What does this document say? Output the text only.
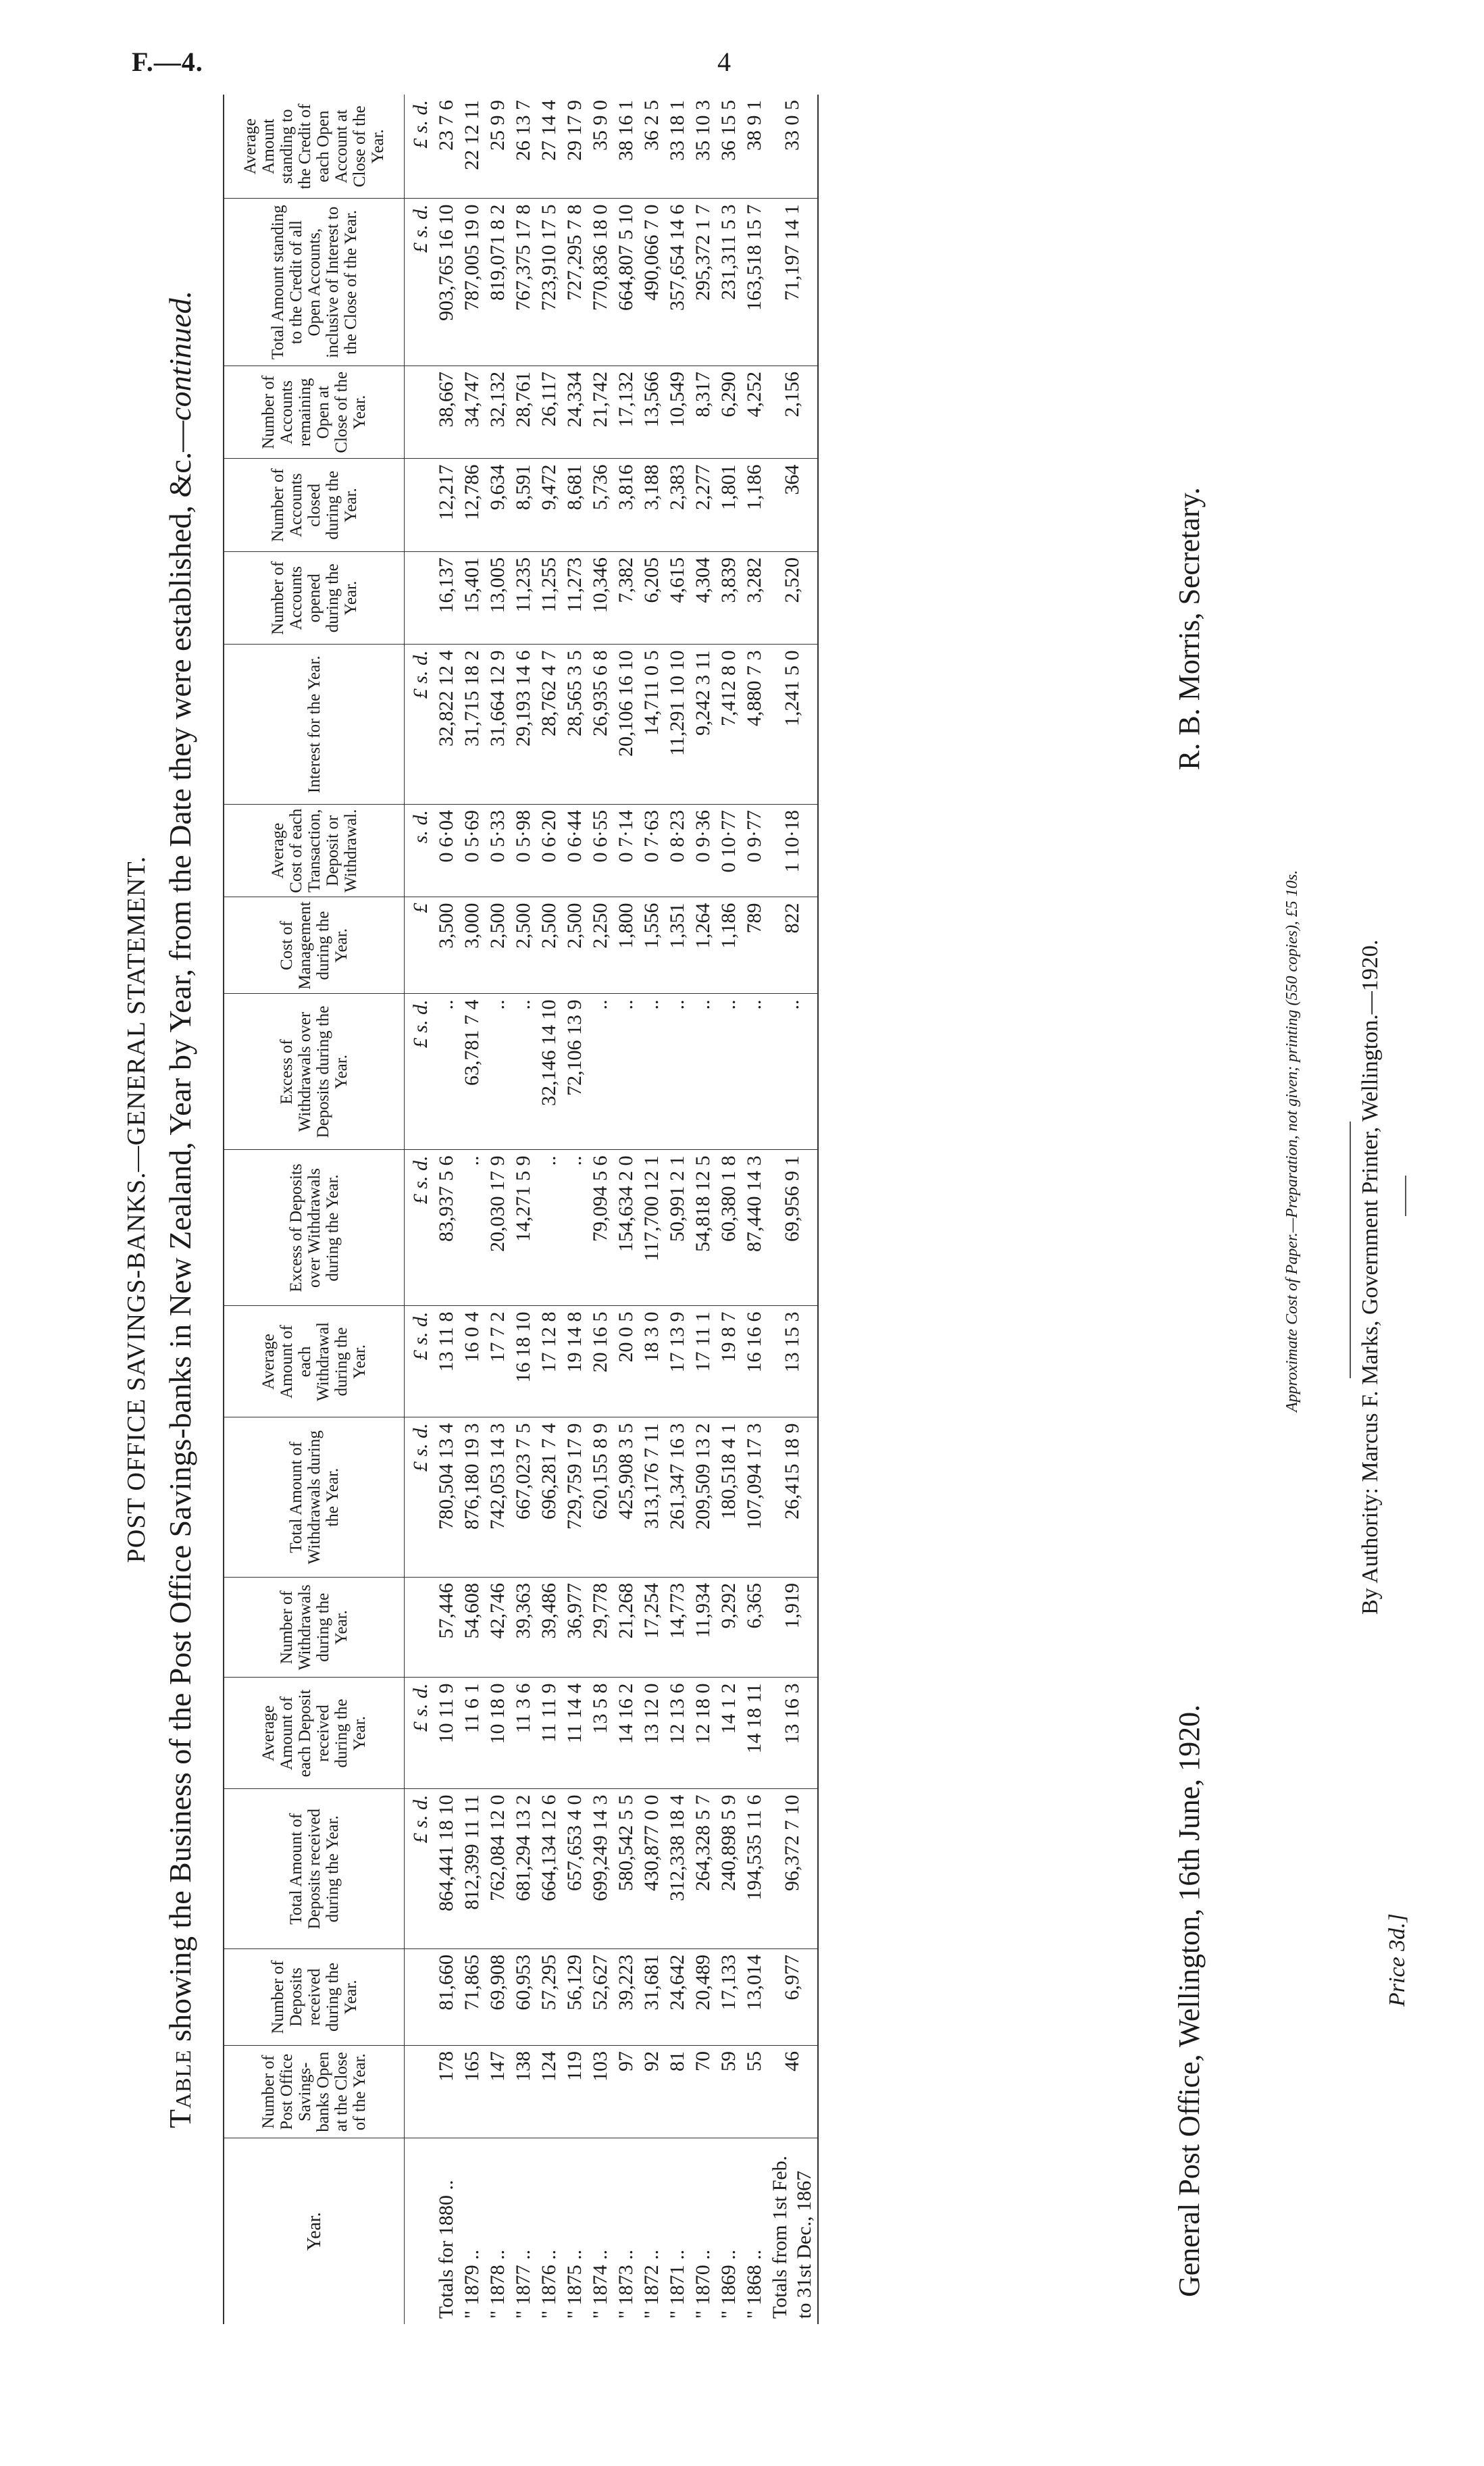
F.—4.	4
POST OFFICE SAVINGS-BANKS.—GENERAL STATEMENT.
Table showing the Business of the Post Office Savings-banks in New Zealand, Year by Year, from the Date they were established, &c.—continued.
Year.	Number of Post Office Savings-banks Open at the Close of the Year.	Number of Deposits received during the Year.	Total Amount of Deposits received during the Year.	Average Amount of each Deposit received during the Year.	Number of Withdrawals during the Year.	Total Amount of Withdrawals during the Year.	Average Amount of each Withdrawal during the Year.	Excess of Deposits over Withdrawals during the Year.	Excess of Withdrawals over Deposits during the Year.	Cost of Management during the Year.	Average Cost of each Transaction, Deposit or Withdrawal.	Interest for the Year.	Number of Accounts opened during the Year.	Number of Accounts closed during the Year.	Number of Accounts remaining Open at Close of the Year.	Total Amount standing to the Credit of all Open Accounts, inclusive of Interest to the Close of the Year.	Average Amount standing to the Credit of each Open Account at Close of the Year.
			£ s. d.	£ s. d.		£ s. d.	£ s. d.	£ s. d.	£ s. d.	£	s. d.	£ s. d.				£ s. d.	£ s. d.
Totals for 1880 ..	178	81,660	864,441 18 10	10 11 9	57,446	780,504 13 4	13 11 8	83,937 5 6	..	3,500	0 6·04	32,822 12 4	16,137	12,217	38,667	903,765 16 10	23 7 6
" 1879 ..	165	71,865	812,399 11 11	11 6 1	54,608	876,180 19 3	16 0 4	..	63,781 7 4	3,000	0 5·69	31,715 18 2	15,401	12,786	34,747	787,005 19 0	22 12 11
" 1878 ..	147	69,908	762,084 12 0	10 18 0	42,746	742,053 14 3	17 7 2	20,030 17 9	..	2,500	0 5·33	31,664 12 9	13,005	9,634	32,132	819,071 8 2	25 9 9
" 1877 ..	138	60,953	681,294 13 2	11 3 6	39,363	667,023 7 5	16 18 10	14,271 5 9	..	2,500	0 5·98	29,193 14 6	11,235	8,591	28,761	767,375 17 8	26 13 7
" 1876 ..	124	57,295	664,134 12 6	11 11 9	39,486	696,281 7 4	17 12 8	..	32,146 14 10	2,500	0 6·20	28,762 4 7	11,255	9,472	26,117	723,910 17 5	27 14 4
" 1875 ..	119	56,129	657,653 4 0	11 14 4	36,977	729,759 17 9	19 14 8	..	72,106 13 9	2,500	0 6·44	28,565 3 5	11,273	8,681	24,334	727,295 7 8	29 17 9
" 1874 ..	103	52,627	699,249 14 3	13 5 8	29,778	620,155 8 9	20 16 5	79,094 5 6	..	2,250	0 6·55	26,935 6 8	10,346	5,736	21,742	770,836 18 0	35 9 0
" 1873 ..	97	39,223	580,542 5 5	14 16 2	21,268	425,908 3 5	20 0 5	154,634 2 0	..	1,800	0 7·14	20,106 16 10	7,382	3,816	17,132	664,807 5 10	38 16 1
" 1872 ..	92	31,681	430,877 0 0	13 12 0	17,254	313,176 7 11	18 3 0	117,700 12 1	..	1,556	0 7·63	14,711 0 5	6,205	3,188	13,566	490,066 7 0	36 2 5
" 1871 ..	81	24,642	312,338 18 4	12 13 6	14,773	261,347 16 3	17 13 9	50,991 2 1	..	1,351	0 8·23	11,291 10 10	4,615	2,383	10,549	357,654 14 6	33 18 1
" 1870 ..	70	20,489	264,328 5 7	12 18 0	11,934	209,509 13 2	17 11 1	54,818 12 5	..	1,264	0 9·36	9,242 3 11	4,304	2,277	8,317	295,372 1 7	35 10 3
" 1869 ..	59	17,133	240,898 5 9	14 1 2	9,292	180,518 4 1	19 8 7	60,380 1 8	..	1,186	0 10·77	7,412 8 0	3,839	1,801	6,290	231,311 5 3	36 15 5
" 1868 ..	55	13,014	194,535 11 6	14 18 11	6,365	107,094 17 3	16 16 6	87,440 14 3	..	789	0 9·77	4,880 7 3	3,282	1,186	4,252	163,518 15 7	38 9 1
Totals from 1st Feb. to 31st Dec., 1867	46	6,977	96,372 7 10	13 16 3	1,919	26,415 18 9	13 15 3	69,956 9 1	..	822	1 10·18	1,241 5 0	2,520	364	2,156	71,197 14 1	33 0 5
General Post Office, Wellington, 16th June, 1920.
R. B. Morris, Secretary.
Approximate Cost of Paper.—Preparation, not given; printing (550 copies), £5 10s. By Authority: Marcus F. Marks, Government Printer, Wellington.—1920.
Price 3d.]
